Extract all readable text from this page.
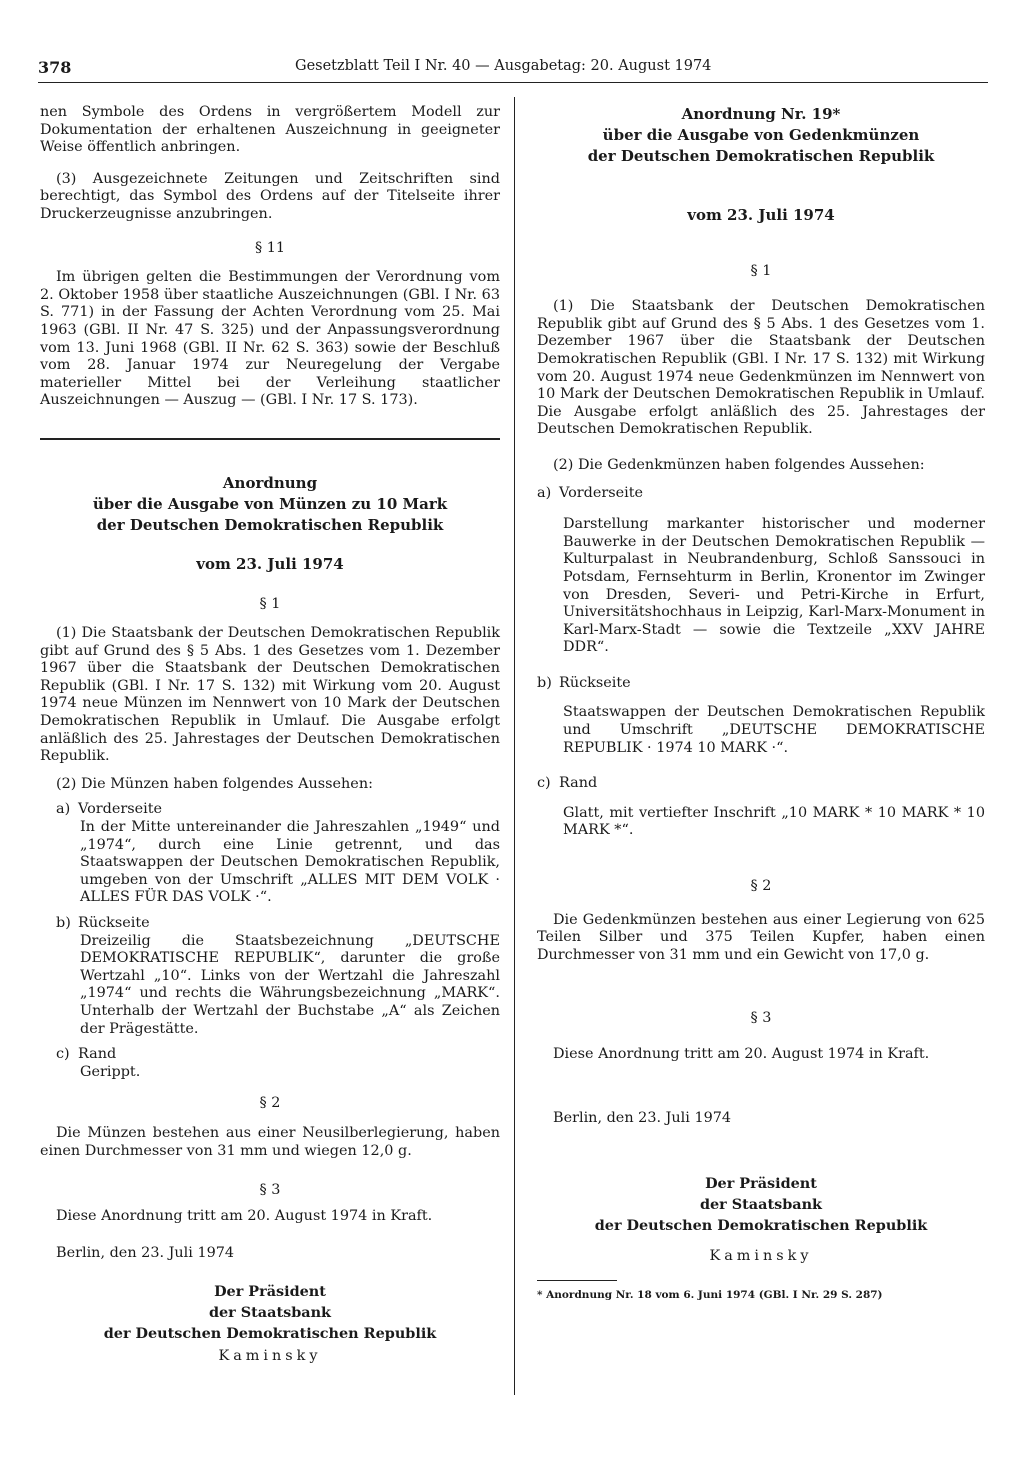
378	Gesetzblatt Teil I Nr. 40 — Ausgabetag: 20. August 1974

nen Symbole des Ordens in vergrößertem Modell zur Dokumentation der erhaltenen Auszeichnung in geeigneter Weise öffentlich anbringen.

(3) Ausgezeichnete Zeitungen und Zeitschriften sind berechtigt, das Symbol des Ordens auf der Titelseite ihrer Druckerzeugnisse anzubringen.

§ 11

Im übrigen gelten die Bestimmungen der Verordnung vom 2. Oktober 1958 über staatliche Auszeichnungen (GBl. I Nr. 63 S. 771) in der Fassung der Achten Verordnung vom 25. Mai 1963 (GBl. II Nr. 47 S. 325) und der Anpassungsverordnung vom 13. Juni 1968 (GBl. II Nr. 62 S. 363) sowie der Beschluß vom 28. Januar 1974 zur Neuregelung der Vergabe materieller Mittel bei der Verleihung staatlicher Auszeichnungen — Auszug — (GBl. I Nr. 17 S. 173).

Anordnung
über die Ausgabe von Münzen zu 10 Mark
der Deutschen Demokratischen Republik

vom 23. Juli 1974

§ 1

(1) Die Staatsbank der Deutschen Demokratischen Republik gibt auf Grund des § 5 Abs. 1 des Gesetzes vom 1. Dezember 1967 über die Staatsbank der Deutschen Demokratischen Republik (GBl. I Nr. 17 S. 132) mit Wirkung vom 20. August 1974 neue Münzen im Nennwert von 10 Mark der Deutschen Demokratischen Republik in Umlauf. Die Ausgabe erfolgt anläßlich des 25. Jahrestages der Deutschen Demokratischen Republik.

(2) Die Münzen haben folgendes Aussehen:

a) Vorderseite

In der Mitte untereinander die Jahreszahlen „1949“ und „1974“, durch eine Linie getrennt, und das Staatswappen der Deutschen Demokratischen Republik, umgeben von der Umschrift „ALLES MIT DEM VOLK · ALLES FÜR DAS VOLK ·“.

b) Rückseite

Dreizeilig die Staatsbezeichnung „DEUTSCHE DEMOKRATISCHE REPUBLIK“, darunter die große Wertzahl „10“. Links von der Wertzahl die Jahreszahl „1974“ und rechts die Währungsbezeichnung „MARK“. Unterhalb der Wertzahl der Buchstabe „A“ als Zeichen der Prägestätte.

c) Rand

Gerippt.

§ 2

Die Münzen bestehen aus einer Neusilberlegierung, haben einen Durchmesser von 31 mm und wiegen 12,0 g.

§ 3

Diese Anordnung tritt am 20. August 1974 in Kraft.

Berlin, den 23. Juli 1974

Der Präsident
der Staatsbank
der Deutschen Demokratischen Republik
Kaminsky
Anordnung Nr. 19*
über die Ausgabe von Gedenkmünzen
der Deutschen Demokratischen Republik

vom 23. Juli 1974

§ 1

(1) Die Staatsbank der Deutschen Demokratischen Republik gibt auf Grund des § 5 Abs. 1 des Gesetzes vom 1. Dezember 1967 über die Staatsbank der Deutschen Demokratischen Republik (GBl. I Nr. 17 S. 132) mit Wirkung vom 20. August 1974 neue Gedenkmünzen im Nennwert von 10 Mark der Deutschen Demokratischen Republik in Umlauf. Die Ausgabe erfolgt anläßlich des 25. Jahrestages der Deutschen Demokratischen Republik.

(2) Die Gedenkmünzen haben folgendes Aussehen:

a) Vorderseite

Darstellung markanter historischer und moderner Bauwerke in der Deutschen Demokratischen Republik — Kulturpalast in Neubrandenburg, Schloß Sanssouci in Potsdam, Fernsehturm in Berlin, Kronentor im Zwinger von Dresden, Severi- und Petri-Kirche in Erfurt, Universitätshochhaus in Leipzig, Karl-Marx-Monument in Karl-Marx-Stadt — sowie die Textzeile „XXV JAHRE DDR“.

b) Rückseite

Staatswappen der Deutschen Demokratischen Republik und Umschrift „DEUTSCHE DEMOKRATISCHE REPUBLIK · 1974 10 MARK ·“.

c) Rand

Glatt, mit vertiefter Inschrift „10 MARK * 10 MARK * 10 MARK *“.

§ 2

Die Gedenkmünzen bestehen aus einer Legierung von 625 Teilen Silber und 375 Teilen Kupfer, haben einen Durchmesser von 31 mm und ein Gewicht von 17,0 g.

§ 3

Diese Anordnung tritt am 20. August 1974 in Kraft.

Berlin, den 23. Juli 1974

Der Präsident
der Staatsbank
der Deutschen Demokratischen Republik
Kaminsky

* Anordnung Nr. 18 vom 6. Juni 1974 (GBl. I Nr. 29 S. 287)
